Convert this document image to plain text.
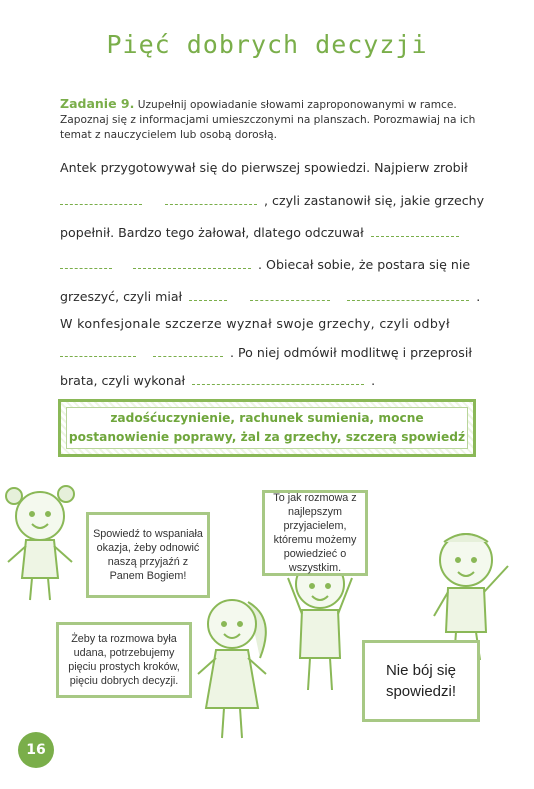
Pięć dobrych decyzji
Zadanie 9. Uzupełnij opowiadanie słowami zaproponowanymi w ramce. Zapoznaj się z informacjami umieszczonymi na planszach. Porozmawiaj na ich temat z nauczycielem lub osobą dorosłą.
Antek przygotowywał się do pierwszej spowiedzi. Najpierw zrobił
, czyli zastanowił się, jakie grzechy
popełnił. Bardzo tego żałował, dlatego odczuwał
. Obiecał sobie, że postara się nie
grzeszyć, czyli miał	.
W konfesjonale szczerze wyznał swoje grzechy, czyli odbył
. Po niej odmówił modlitwę i przeprosił
brata, czyli wykonał	.
zadośćuczynienie, rachunek sumienia, mocne
postanowienie poprawy, żal za grzechy, szczerą spowiedź
Spowiedź to wspaniała okazja, żeby odnowić naszą przyjaźń z Panem Bogiem!
To jak rozmowa z najlepszym przyjacielem, któremu możemy powiedzieć o wszystkim.
Żeby ta rozmowa była udana, potrzebujemy pięciu prostych kroków, pięciu dobrych decyzji.
Nie bój się spowiedzi!
16
